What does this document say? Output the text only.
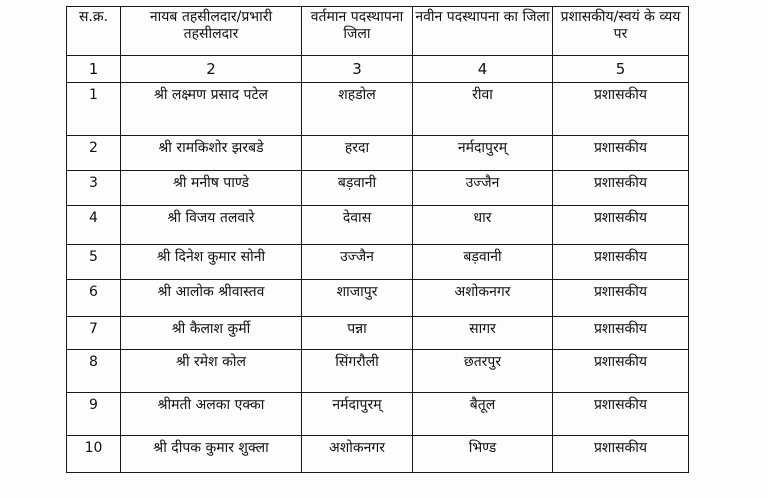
स.क्र.	नायब तहसीलदार/प्रभारी तहसीलदार	वर्तमान पदस्थापना जिला	नवीन पदस्थापना का जिला	प्रशासकीय/स्वयं के व्यय पर

1	2	3	4	5
1	श्री लक्ष्मण प्रसाद पटेल	शहडोल	रीवा	प्रशासकीय
2	श्री रामकिशोर झरबडे	हरदा	नर्मदापुरम्	प्रशासकीय
3	श्री मनीष पाण्डे	बड़वानी	उज्जैन	प्रशासकीय
4	श्री विजय तलवारे	देवास	धार	प्रशासकीय
5	श्री दिनेश कुमार सोनी	उज्जैन	बड़वानी	प्रशासकीय
6	श्री आलोक श्रीवास्तव	शाजापुर	अशोकनगर	प्रशासकीय
7	श्री कैलाश कुर्मी	पन्ना	सागर	प्रशासकीय
8	श्री रमेश कोल	सिंगरौली	छतरपुर	प्रशासकीय
9	श्रीमती अलका एक्का	नर्मदापुरम्	बैतूल	प्रशासकीय
10	श्री दीपक कुमार शुक्ला	अशोकनगर	भिण्ड	प्रशासकीय
